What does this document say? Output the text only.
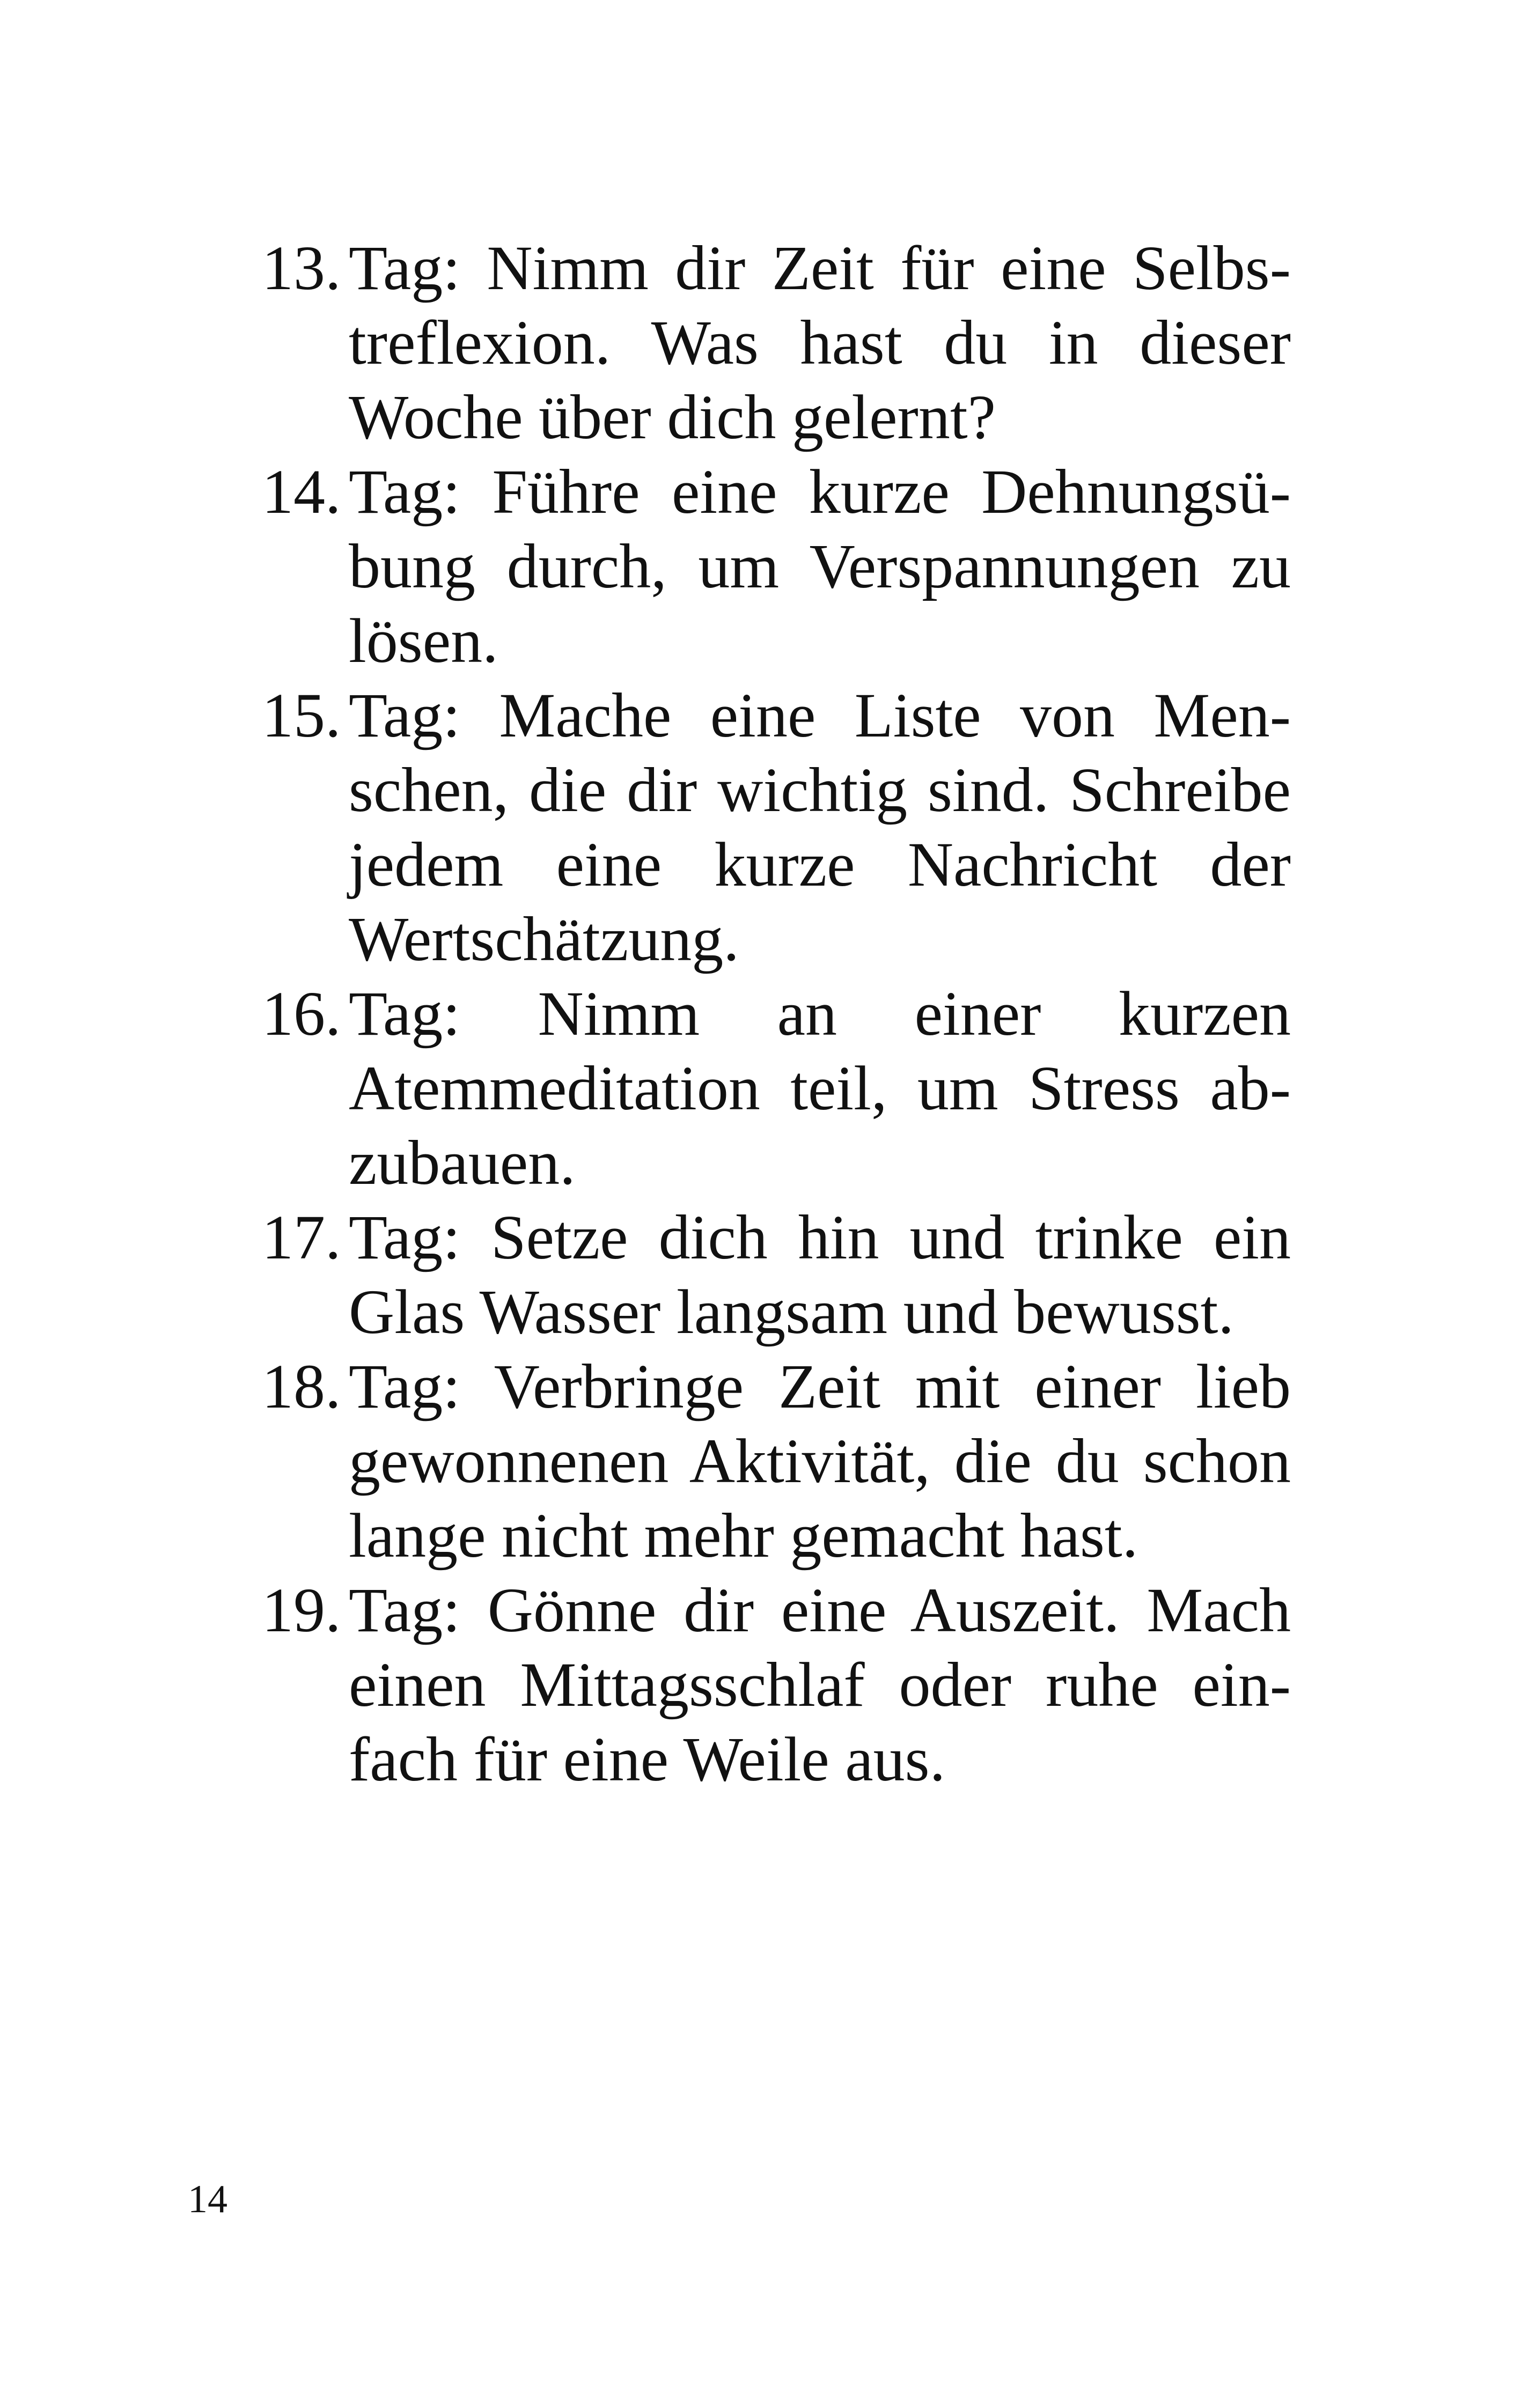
13. Tag: Nimm dir Zeit für eine Selbstreflexion. Was hast du in dieser Woche über dich gelernt?
14. Tag: Führe eine kurze Dehnungsübung durch, um Verspannungen zu lösen.
15. Tag: Mache eine Liste von Menschen, die dir wichtig sind. Schreibe jedem eine kurze Nachricht der Wertschätzung.
16. Tag: Nimm an einer kurzen Atemmeditation teil, um Stress abzubauen.
17. Tag: Setze dich hin und trinke ein Glas Wasser langsam und bewusst.
18. Tag: Verbringe Zeit mit einer lieb gewonnenen Aktivität, die du schon lange nicht mehr gemacht hast.
19. Tag: Gönne dir eine Auszeit. Mach einen Mittagsschlaf oder ruhe einfach für eine Weile aus.
14
